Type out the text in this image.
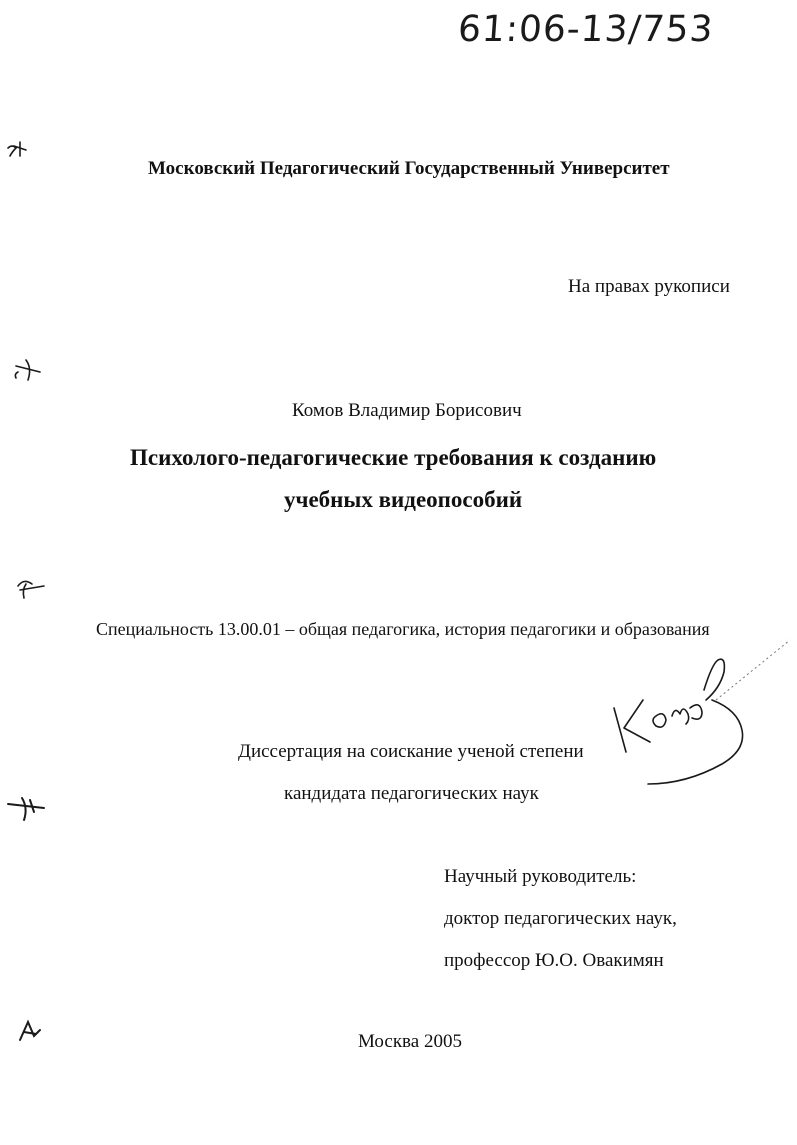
61:06-13/753
Московский Педагогический Государственный Университет
На правах рукописи
Комов Владимир Борисович
Психолого-педагогические требования к созданию
учебных видеопособий
Специальность 13.00.01 – общая педагогика, история педагогики и образования
Диссертация на соискание ученой степени
кандидата педагогических наук
Научный руководитель:
доктор педагогических наук,
профессор Ю.О. Овакимян
Москва 2005
